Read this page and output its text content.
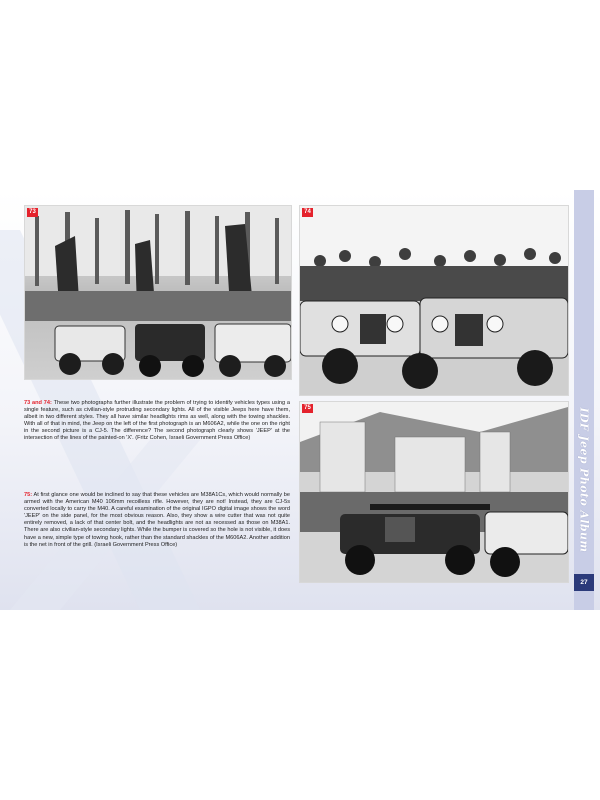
73	74
75
73 and 74: These two photographs further illustrate the problem of trying to identify vehicles types using a single feature, such as civilian-style protruding secondary lights. All of the visible Jeeps here have them, albeit in two different styles. They all have similar headlights rims as well, along with the towing shackles. With all of that in mind, the Jeep on the left of the first photograph is an M606A2, while the one on the right in the second picture is a CJ-5. The difference? The second photograph clearly shows 'JEEP' at the intersection of the lines of the painted-on 'X'. (Fritz Cohen, Israeli Government Press Office)
75: At first glance one would be inclined to say that these vehicles are M38A1Cs, which would normally be armed with the American M40 106mm recoilless rifle. However, they are not! Instead, they are CJ-5s converted locally to carry the M40. A careful examination of the original IGPO digital image shows the word 'JEEP' on the side panel, for the most obvious reason. Also, they show a wire cutter that was not quite entirely removed, a lack of that center bolt, and the headlights are not as recessed as those on M38A1. There are also civilian-style secondary lights. While the bumper is covered so the hole is not visible, it does have a new, simple type of towing hook, rather than the standard shackles of the M606A2. Another addition is the net in front of the grill. (Israeli Government Press Office)	IDF Jeep Photo Album
27
